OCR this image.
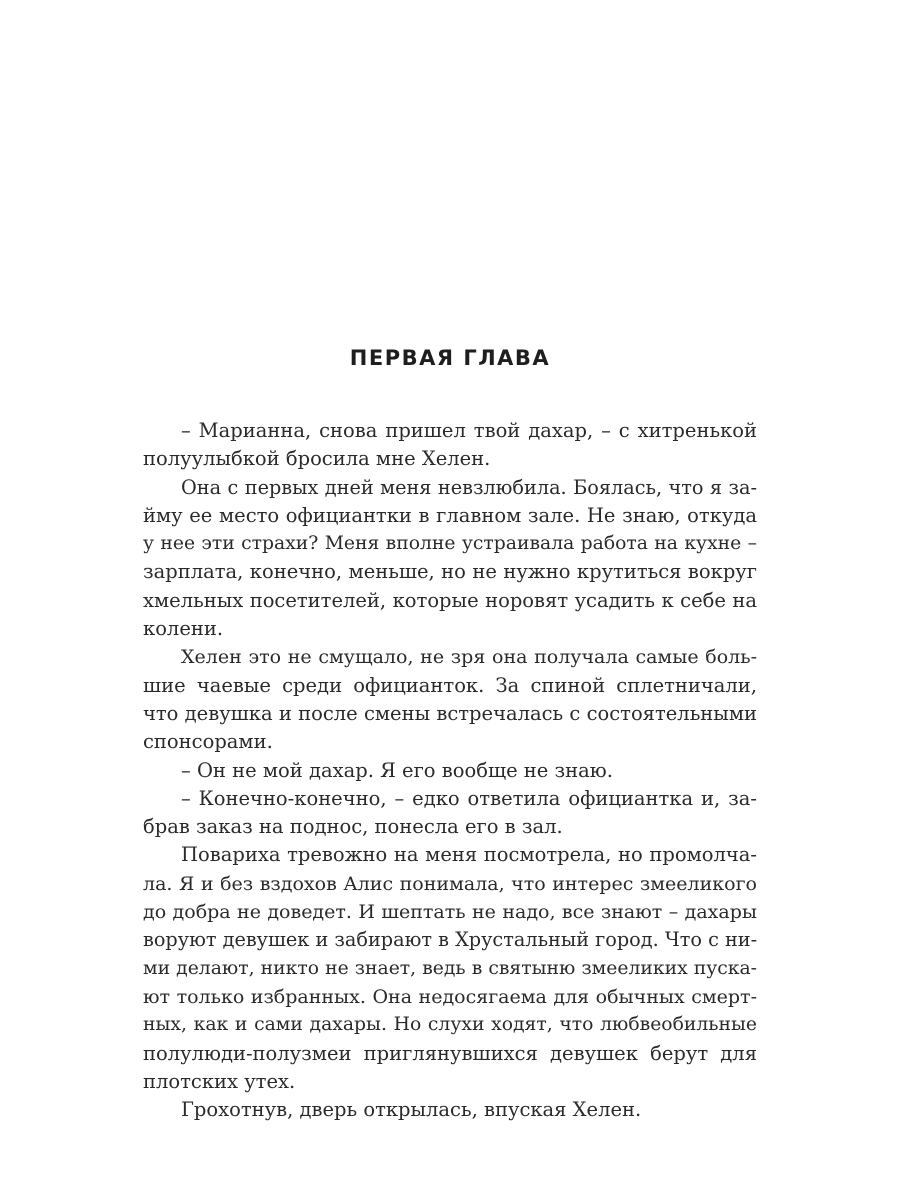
ПЕРВАЯ ГЛАВА
– Марианна, снова пришел твой дахар, – с хитренькой
полуулыбкой бросила мне Хелен.
Она с первых дней меня невзлюбила. Боялась, что я за-
йму ее место официантки в главном зале. Не знаю, откуда
у нее эти страхи? Меня вполне устраивала работа на кухне –
зарплата, конечно, меньше, но не нужно крутиться вокруг
хмельных посетителей, которые норовят усадить к себе на
колени.
Хелен это не смущало, не зря она получала самые боль-
шие чаевые среди официанток. За спиной сплетничали,
что девушка и после смены встречалась с состоятельными
спонсорами.
– Он не мой дахар. Я его вообще не знаю.
– Конечно-конечно, – едко ответила официантка и, за-
брав заказ на поднос, понесла его в зал.
Повариха тревожно на меня посмотрела, но промолча-
ла. Я и без вздохов Алис понимала, что интерес змееликого
до добра не доведет. И шептать не надо, все знают – дахары
воруют девушек и забирают в Хрустальный город. Что с ни-
ми делают, никто не знает, ведь в святыню змееликих пуска-
ют только избранных. Она недосягаема для обычных смерт-
ных, как и сами дахары. Но слухи ходят, что любвеобильные
полулюди-полузмеи приглянувшихся девушек берут для
плотских утех.
Грохотнув, дверь открылась, впуская Хелен.
